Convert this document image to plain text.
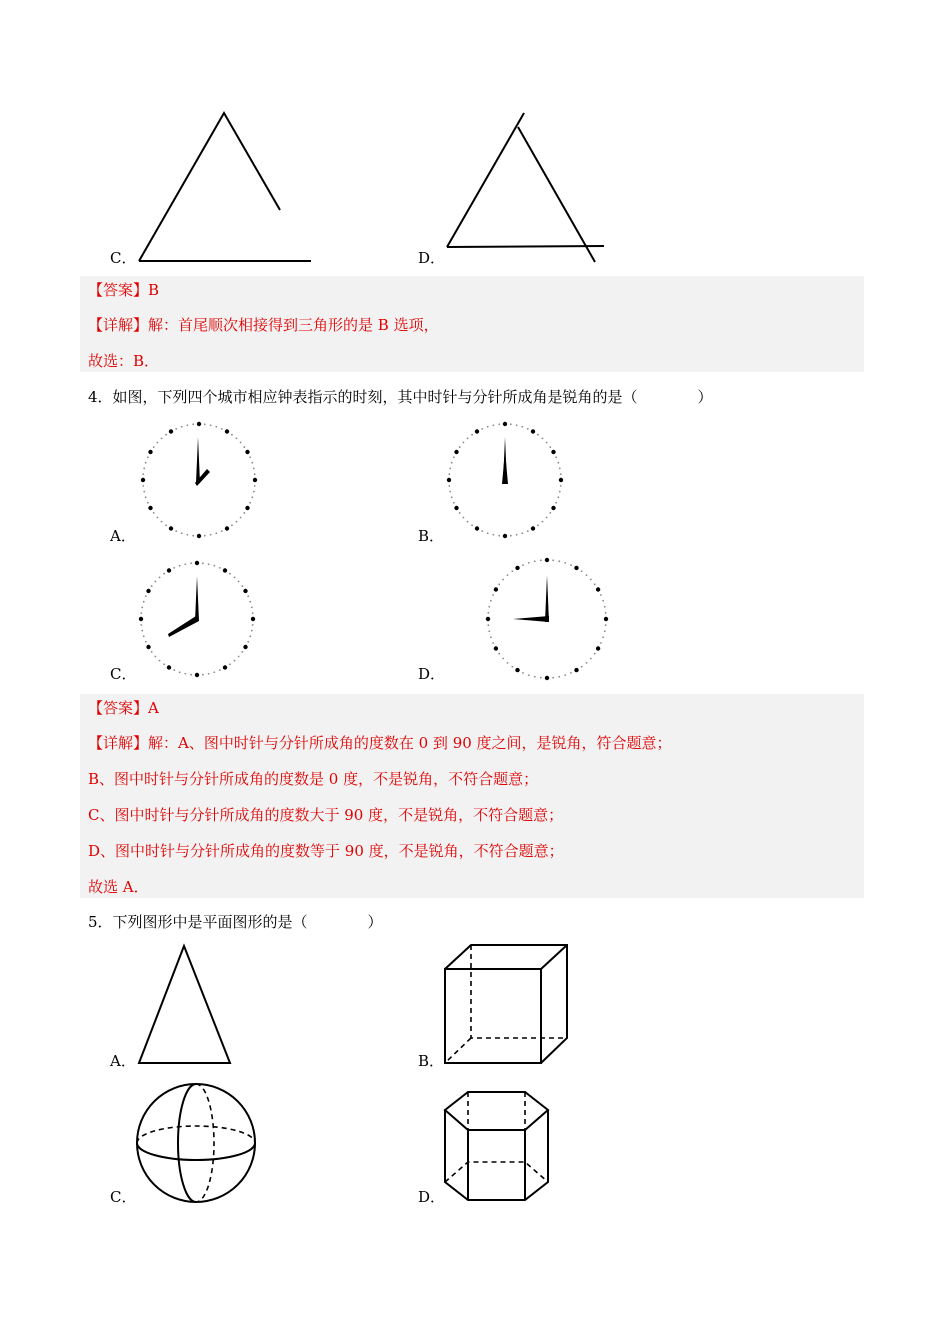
C．	D．
【答案】B
【详解】解：首尾顺次相接得到三角形的是 B 选项，
故选：B．
4．如图，下列四个城市相应钟表指示的时刻，其中时针与分针所成角是锐角的是（　　　　）
A．	B．
C．	D．
【答案】A
【详解】解：A、图中时针与分针所成角的度数在 0 到 90 度之间，是锐角，符合题意；
B、图中时针与分针所成角的度数是 0 度，不是锐角，不符合题意；
C、图中时针与分针所成角的度数大于 90 度，不是锐角，不符合题意；
D、图中时针与分针所成角的度数等于 90 度，不是锐角，不符合题意；
故选 A．
5．下列图形中是平面图形的是（　　　　）
A．	B．
C．	D．
